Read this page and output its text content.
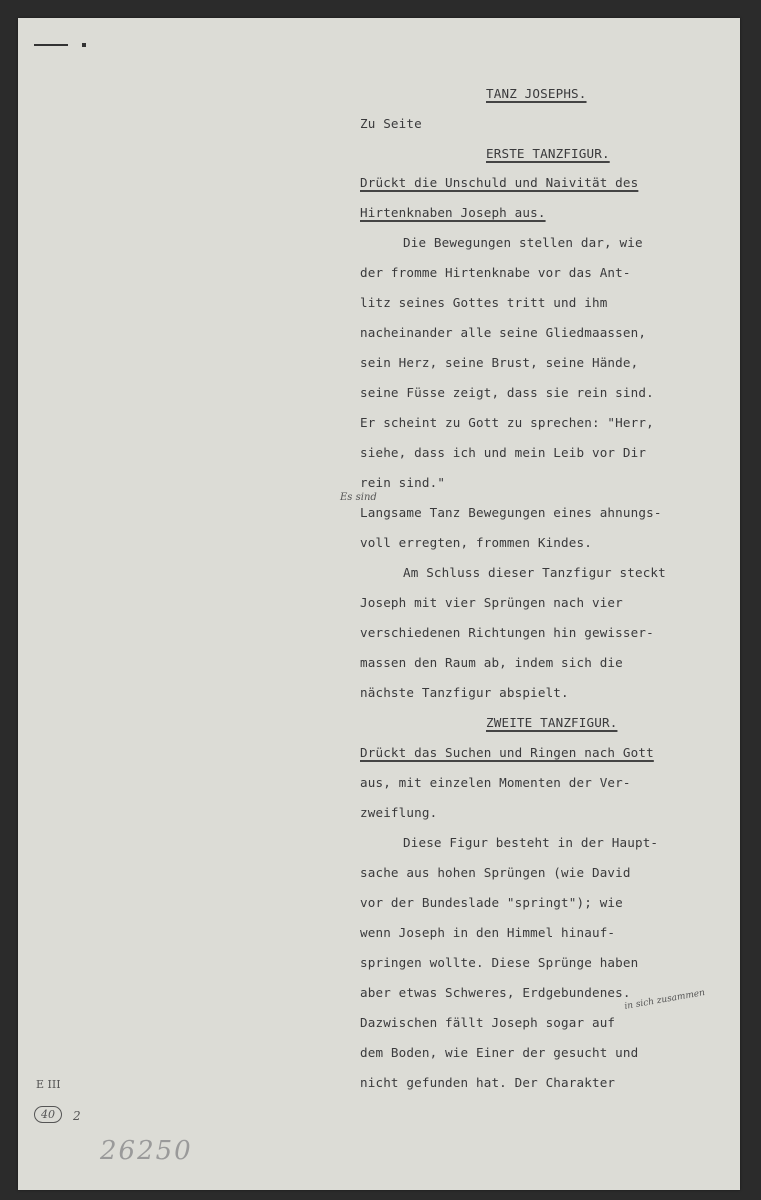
TANZ JOSEPHS.
Zu Seite
ERSTE TANZFIGUR.
Drückt die Unschuld und Naivität des
Hirtenknaben Joseph aus.
Die Bewegungen stellen dar, wie
der fromme Hirtenknabe vor das Ant-
litz seines Gottes tritt und ihm
nacheinander alle seine Gliedmaassen,
sein Herz, seine Brust, seine Hände,
seine Füsse zeigt, dass sie rein sind.
Er scheint zu Gott zu sprechen: "Herr,
siehe, dass ich und mein Leib vor Dir
rein sind."
Langsame Tanz Bewegungen eines ahnungs-
voll erregten, frommen Kindes.
Am Schluss dieser Tanzfigur steckt
Joseph mit vier Sprüngen nach vier
verschiedenen Richtungen hin gewisser-
massen den Raum ab, indem sich die
nächste Tanzfigur abspielt.
ZWEITE TANZFIGUR.
Drückt das Suchen und Ringen nach Gott
aus, mit einzelen Momenten der Ver-
zweiflung.
Diese Figur besteht in der Haupt-
sache aus hohen Sprüngen (wie David
vor der Bundeslade "springt"); wie
wenn Joseph in den Himmel hinauf-
springen wollte. Diese Sprünge haben
aber etwas Schweres, Erdgebundenes.
Dazwischen fällt Joseph sogar auf
dem Boden, wie Einer der gesucht und
nicht gefunden hat. Der Charakter
Es sind
in sich zusammen
E III
40	2
26250
